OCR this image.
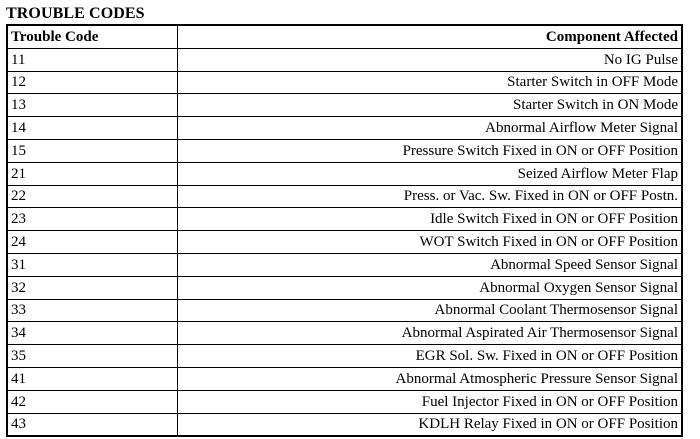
TROUBLE CODES
Trouble Code	Component Affected
11	No IG Pulse
12	Starter Switch in OFF Mode
13	Starter Switch in ON Mode
14	Abnormal Airflow Meter Signal
15	Pressure Switch Fixed in ON or OFF Position
21	Seized Airflow Meter Flap
22	Press. or Vac. Sw. Fixed in ON or OFF Postn.
23	Idle Switch Fixed in ON or OFF Position
24	WOT Switch Fixed in ON or OFF Position
31	Abnormal Speed Sensor Signal
32	Abnormal Oxygen Sensor Signal
33	Abnormal Coolant Thermosensor Signal
34	Abnormal Aspirated Air Thermosensor Signal
35	EGR Sol. Sw. Fixed in ON or OFF Position
41	Abnormal Atmospheric Pressure Sensor Signal
42	Fuel Injector Fixed in ON or OFF Position
43	KDLH Relay Fixed in ON or OFF Position
